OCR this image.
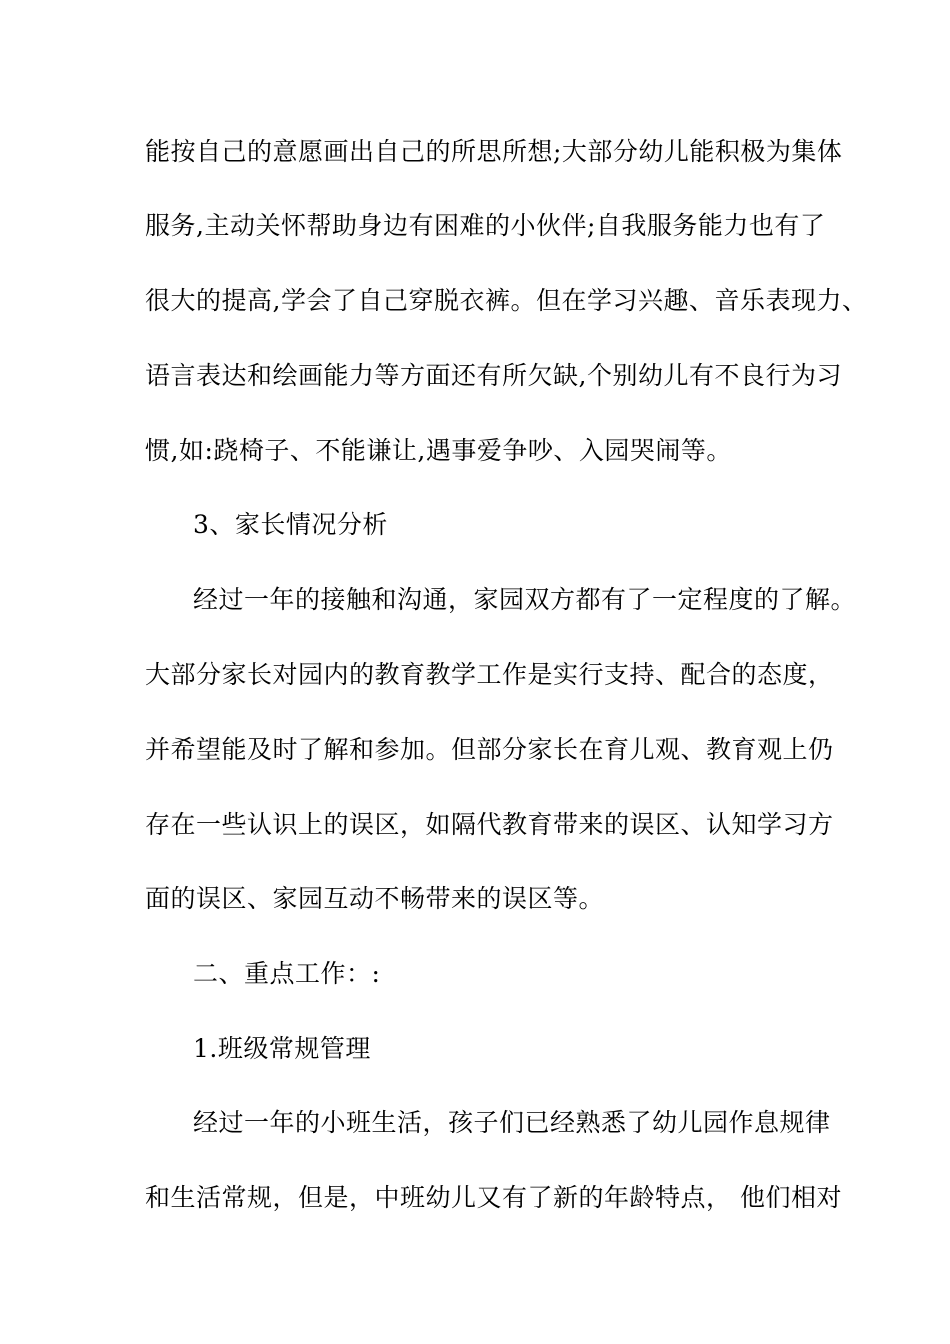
能按自己的意愿画出自己的所思所想;大部分幼儿能积极为集体
服务,主动关怀帮助身边有困难的小伙伴;自我服务能力也有了
很大的提高,学会了自己穿脱衣裤。但在学习兴趣、音乐表现力、
语言表达和绘画能力等方面还有所欠缺,个别幼儿有不良行为习
惯,如:跷椅子、不能谦让,遇事爱争吵、入园哭闹等。
3、家长情况分析
经过一年的接触和沟通，家园双方都有了一定程度的了解。
大部分家长对园内的教育教学工作是实行支持、配合的态度，
并希望能及时了解和参加。但部分家长在育儿观、教育观上仍
存在一些认识上的误区，如隔代教育带来的误区、认知学习方
面的误区、家园互动不畅带来的误区等。
二、重点工作：:
1.班级常规管理
经过一年的小班生活，孩子们已经熟悉了幼儿园作息规律
和生活常规，但是，中班幼儿又有了新的年龄特点， 他们相对
